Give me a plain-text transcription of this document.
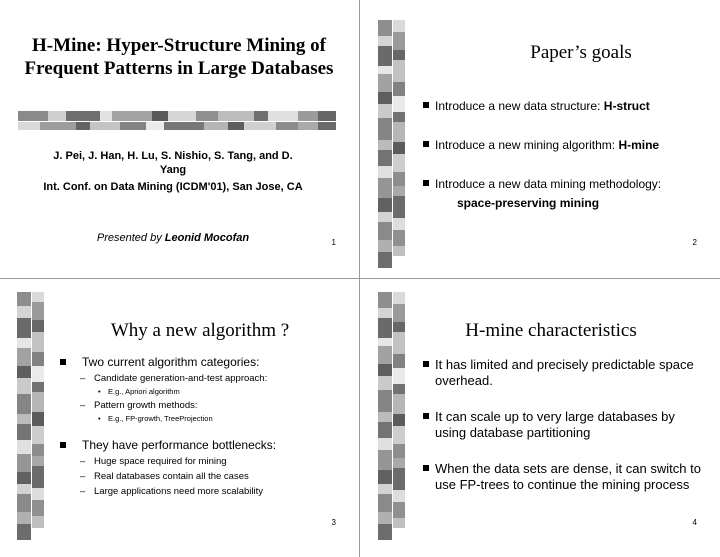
H-Mine: Hyper-Structure Mining of Frequent Patterns in Large Databases
J. Pei, J. Han, H. Lu, S. Nishio, S. Tang, and D. Yang
Int. Conf. on Data Mining (ICDM'01), San Jose, CA
Presented by Leonid Mocofan	1
Paper’s goals
Introduce a new data structure: H-struct
Introduce a new mining algorithm: H-mine
Introduce a new data mining methodology:
space-preserving mining
2
Why a new algorithm ?
Two current algorithm categories:
– Candidate generation-and-test approach:
• E.g., Apriori algorithm
– Pattern growth methods:
• E.g., FP-growth, TreeProjection
They have performance bottlenecks:
– Huge space required for mining
– Real databases contain all the cases
– Large applications need more scalability
3
H-mine characteristics
It has limited and precisely predictable space overhead.
It can scale up to very large databases by using database partitioning
When the data sets are dense, it can switch to use FP-trees to continue the mining process
4
